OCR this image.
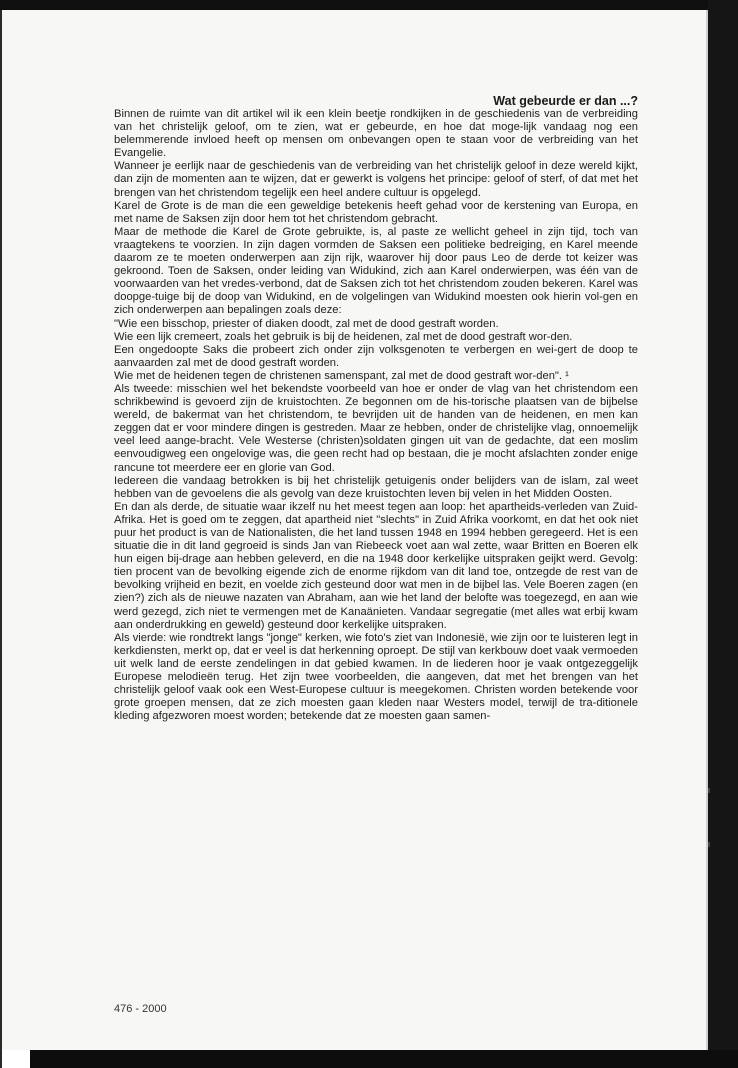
Wat gebeurde er dan ...?

Binnen de ruimte van dit artikel wil ik een klein beetje rondkijken in de geschiedenis van de verbreiding van het christelijk geloof, om te zien, wat er gebeurde, en hoe dat moge-lijk vandaag nog een belemmerende invloed heeft op mensen om onbevangen open te staan voor de verbreiding van het Evangelie.

Wanneer je eerlijk naar de geschiedenis van de verbreiding van het christelijk geloof in deze wereld kijkt, dan zijn de momenten aan te wijzen, dat er gewerkt is volgens het principe: geloof of sterf, of dat met het brengen van het christendom tegelijk een heel andere cultuur is opgelegd.

Karel de Grote is de man die een geweldige betekenis heeft gehad voor de kerstening van Europa, en met name de Saksen zijn door hem tot het christendom gebracht.

Maar de methode die Karel de Grote gebruikte, is, al paste ze wellicht geheel in zijn tijd, toch van vraagtekens te voorzien. In zijn dagen vormden de Saksen een politieke bedreiging, en Karel meende daarom ze te moeten onderwerpen aan zijn rijk, waarover hij door paus Leo de derde tot keizer was gekroond. Toen de Saksen, onder leiding van Widukind, zich aan Karel onderwierpen, was één van de voorwaarden van het vredes-verbond, dat de Saksen zich tot het christendom zouden bekeren. Karel was doopge-tuige bij de doop van Widukind, en de volgelingen van Widukind moesten ook hierin vol-gen en zich onderwerpen aan bepalingen zoals deze:

"Wie een bisschop, priester of diaken doodt, zal met de dood gestraft worden.

Wie een lijk cremeert, zoals het gebruik is bij de heidenen, zal met de dood gestraft wor-den.

Een ongedoopte Saks die probeert zich onder zijn volksgenoten te verbergen en wei-gert de doop te aanvaarden zal met de dood gestraft worden.

Wie met de heidenen tegen de christenen samenspant, zal met de dood gestraft wor-den". ¹

Als tweede: misschien wel het bekendste voorbeeld van hoe er onder de vlag van het christendom een schrikbewind is gevoerd zijn de kruistochten. Ze begonnen om de his-torische plaatsen van de bijbelse wereld, de bakermat van het christendom, te bevrijden uit de handen van de heidenen, en men kan zeggen dat er voor mindere dingen is gestreden. Maar ze hebben, onder de christelijke vlag, onnoemelijk veel leed aange-bracht. Vele Westerse (christen)soldaten gingen uit van de gedachte, dat een moslim eenvoudigweg een ongelovige was, die geen recht had op bestaan, die je mocht afslachten zonder enige rancune tot meerdere eer en glorie van God.

Iedereen die vandaag betrokken is bij het christelijk getuigenis onder belijders van de islam, zal weet hebben van de gevoelens die als gevolg van deze kruistochten leven bij velen in het Midden Oosten.

En dan als derde, de situatie waar ikzelf nu het meest tegen aan loop: het apartheids-verleden van Zuid-Afrika. Het is goed om te zeggen, dat apartheid niet "slechts" in Zuid Afrika voorkomt, en dat het ook niet puur het product is van de Nationalisten, die het land tussen 1948 en 1994 hebben geregeerd. Het is een situatie die in dit land gegroeid is sinds Jan van Riebeeck voet aan wal zette, waar Britten en Boeren elk hun eigen bij-drage aan hebben geleverd, en die na 1948 door kerkelijke uitspraken geijkt werd. Gevolg: tien procent van de bevolking eigende zich de enorme rijkdom van dit land toe, ontzegde de rest van de bevolking vrijheid en bezit, en voelde zich gesteund door wat men in de bijbel las. Vele Boeren zagen (en zien?) zich als de nieuwe nazaten van Abraham, aan wie het land der belofte was toegezegd, en aan wie werd gezegd, zich niet te vermengen met de Kanaänieten. Vandaar segregatie (met alles wat erbij kwam aan onderdrukking en geweld) gesteund door kerkelijke uitspraken.

Als vierde: wie rondtrekt langs "jonge" kerken, wie foto's ziet van Indonesië, wie zijn oor te luisteren legt in kerkdiensten, merkt op, dat er veel is dat herkenning oproept. De stijl van kerkbouw doet vaak vermoeden uit welk land de eerste zendelingen in dat gebied kwamen. In de liederen hoor je vaak ontgezeggelijk Europese melodieën terug. Het zijn twee voorbeelden, die aangeven, dat met het brengen van het christelijk geloof vaak ook een West-Europese cultuur is meegekomen. Christen worden betekende voor grote groepen mensen, dat ze zich moesten gaan kleden naar Westers model, terwijl de tra-ditionele kleding afgezworen moest worden; betekende dat ze moesten gaan samen-

476 - 2000
